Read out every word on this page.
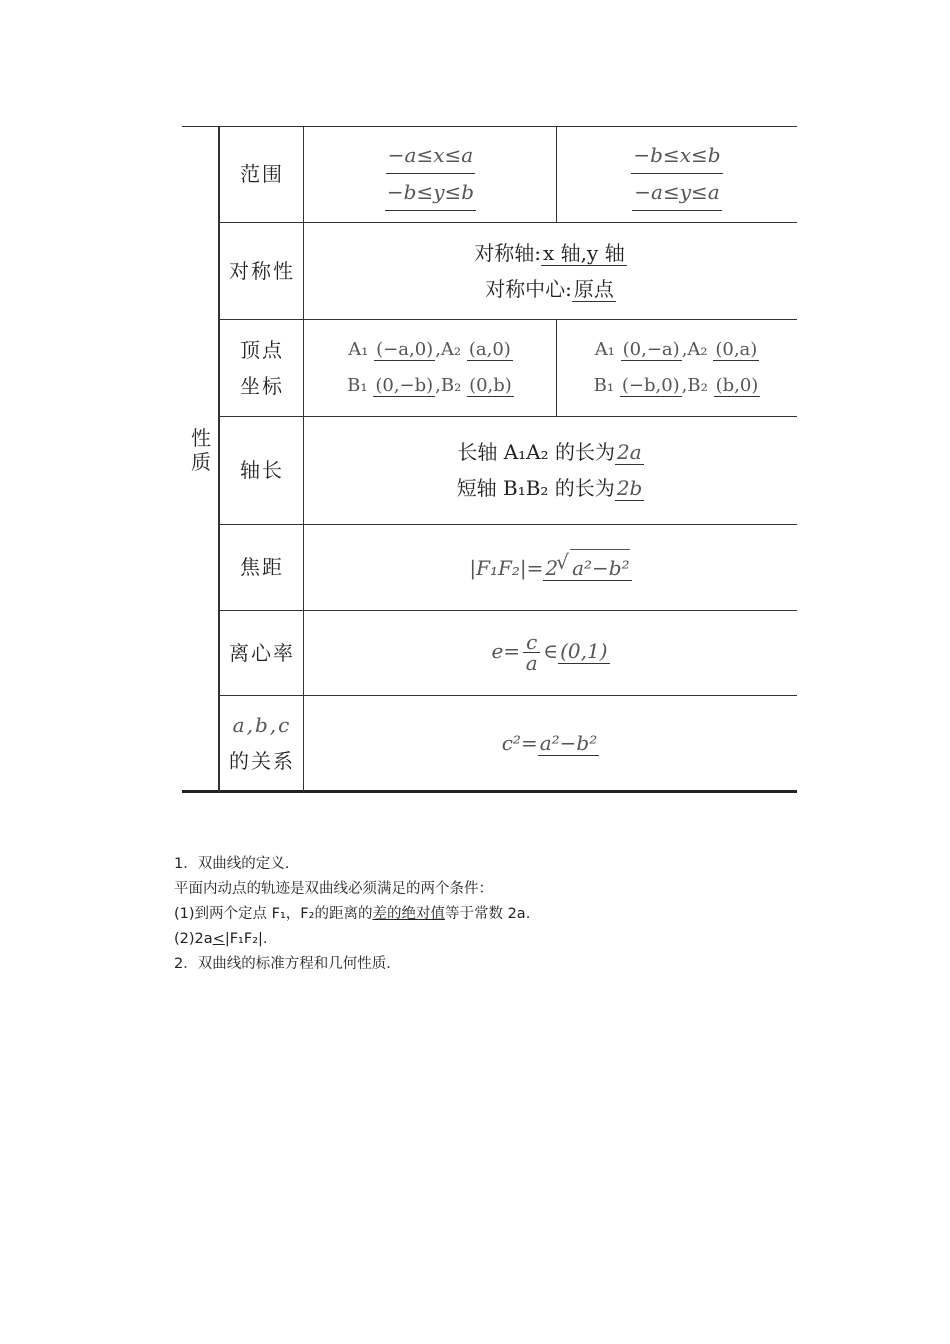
性质
范围
−a≤x≤a
−b≤y≤b
−b≤x≤b
−a≤y≤a
对称性
对称轴: x 轴,y 轴
对称中心: 原点
顶点
坐标
A₁ (−a,0) ,A₂ (a,0)
B₁ (0,−b) ,B₂ (0,b)
A₁ (0,−a) ,A₂ (0,a)
B₁ (−b,0) ,B₂ (b,0)
轴长
长轴 A₁A₂ 的长为 2a
短轴 B₁B₂ 的长为 2b
焦距	|F₁F₂|= 2 √ a²−b²
离心率	$e= \frac{c}{a}$ ∈ (0,1)
a,b,c
的关系
c²= a²−b²
1．双曲线的定义．
平面内动点的轨迹是双曲线必须满足的两个条件：
(1)到两个定点 F₁，F₂的距离的差的绝对值等于常数 2a.
(2)2a<|F₁F₂|.
2．双曲线的标准方程和几何性质．
